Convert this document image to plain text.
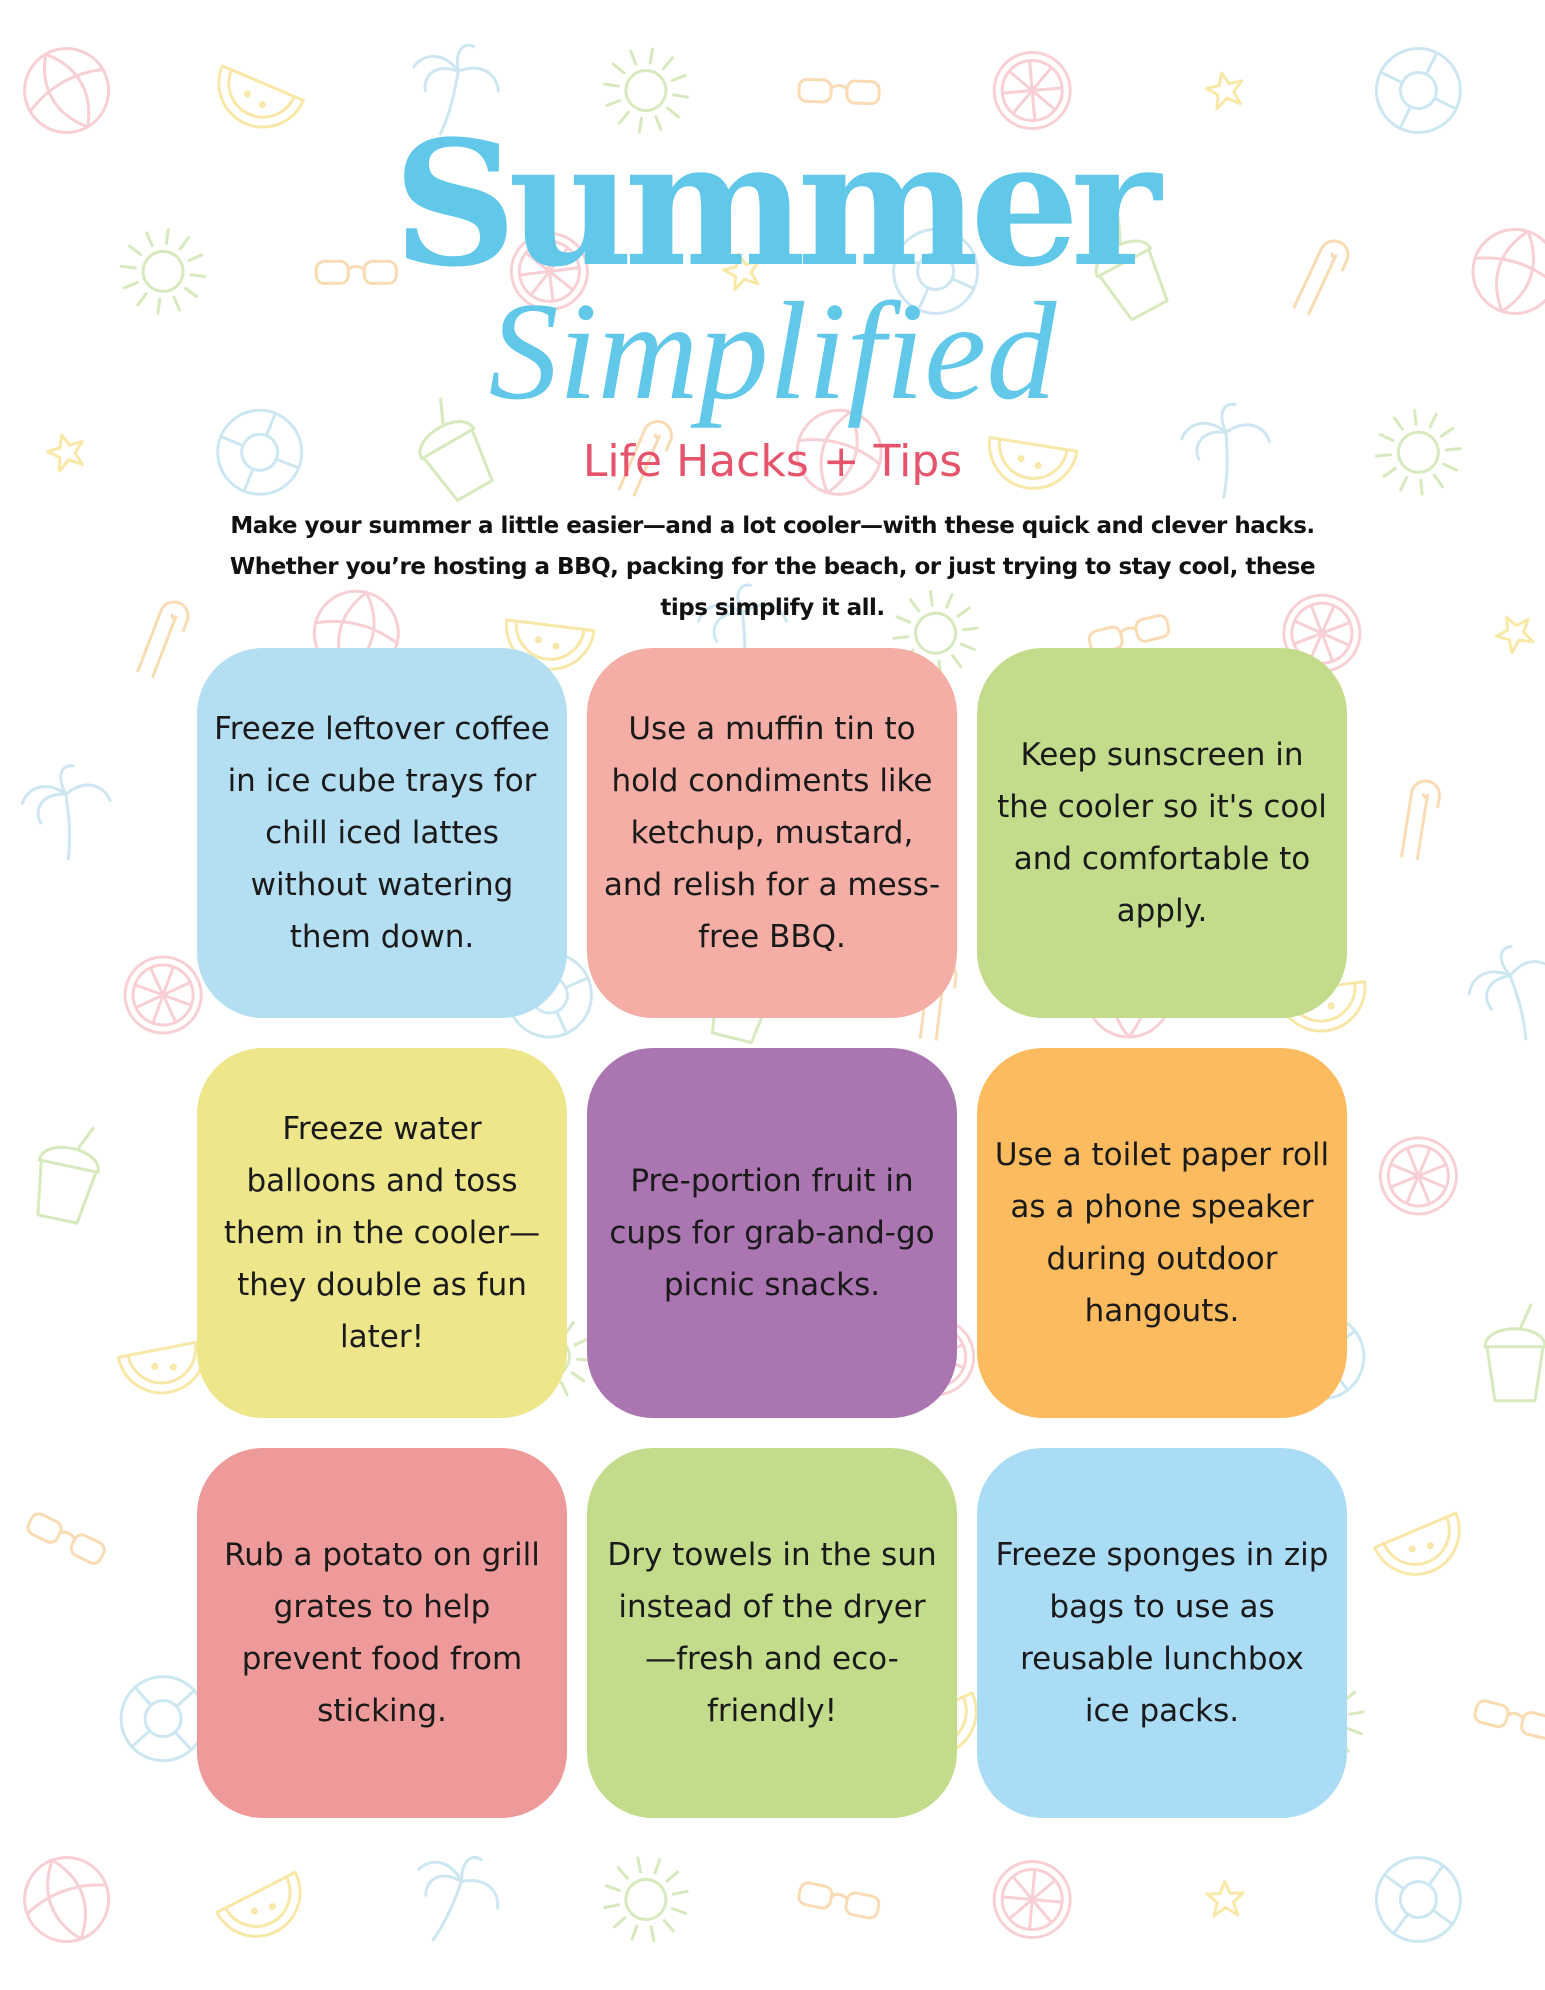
Summer
Simplified
Life Hacks + Tips
Make your summer a little easier—and a lot cooler—with these quick and clever hacks. Whether you’re hosting a BBQ, packing for the beach, or just trying to stay cool, these tips simplify it all.
Freeze leftover coffee in ice cube trays for chill iced lattes without watering them down.
Use a muffin tin to hold condiments like ketchup, mustard, and relish for a mess-free BBQ.
Keep sunscreen in the cooler so it's cool and comfortable to apply.
Freeze water balloons and toss them in the cooler—they double as fun later!
Pre-portion fruit in cups for grab-and-go picnic snacks.
Use a toilet paper roll as a phone speaker during outdoor hangouts.
Rub a potato on grill grates to help prevent food from sticking.
Dry towels in the sun instead of the dryer—fresh and eco-friendly!
Freeze sponges in zip bags to use as reusable lunchbox ice packs.
